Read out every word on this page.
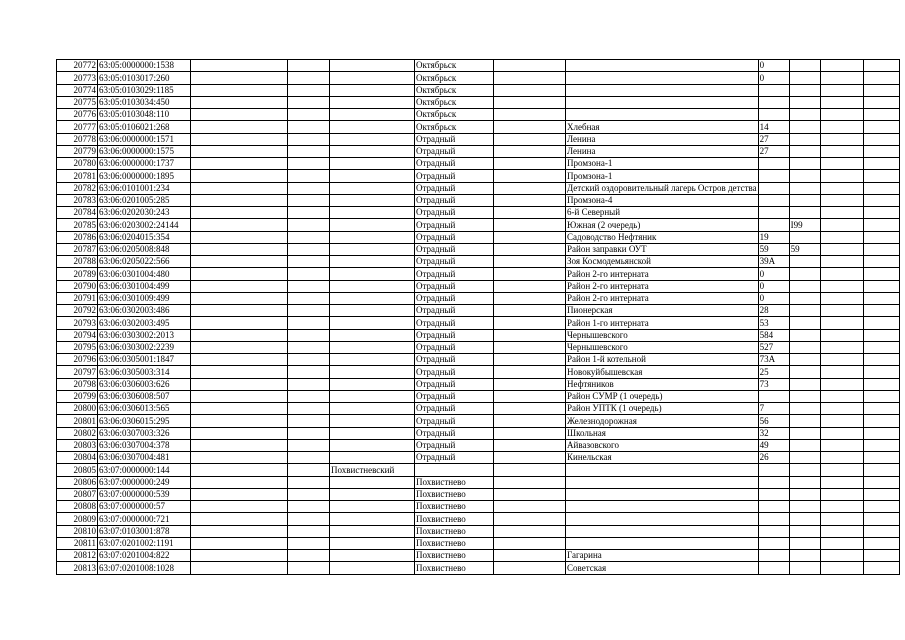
20772	63:05:0000000:1538				Октябрьск			0			
20773	63:05:0103017:260				Октябрьск			0			
20774	63:05:0103029:1185				Октябрьск						
20775	63:05:0103034:450				Октябрьск						
20776	63:05:0103048:110				Октябрьск						
20777	63:05:0106021:268				Октябрьск		Хлебная	14			
20778	63:06:0000000:1571				Отрадный		Ленина	27			
20779	63:06:0000000:1575				Отрадный		Ленина	27			
20780	63:06:0000000:1737				Отрадный		Промзона-1				
20781	63:06:0000000:1895				Отрадный		Промзона-1				
20782	63:06:0101001:234				Отрадный		Детский оздоровительный лагерь Остров детства				
20783	63:06:0201005:285				Отрадный		Промзона-4				
20784	63:06:0202030:243				Отрадный		6-й Северный				
20785	63:06:0203002:24144				Отрадный		Южная (2 очередь)		I99		
20786	63:06:0204015:354				Отрадный		Садоводство Нефтяник	19			
20787	63:06:0205008:848				Отрадный		Район заправки ОУТ	59	59		
20788	63:06:0205022:566				Отрадный		Зоя Космодемьянской	39А			
20789	63:06:0301004:480				Отрадный		Район 2-го интерната	0			
20790	63:06:0301004:499				Отрадный		Район 2-го интерната	0			
20791	63:06:0301009:499				Отрадный		Район 2-го интерната	0			
20792	63:06:0302003:486				Отрадный		Пионерская	28			
20793	63:06:0302003:495				Отрадный		Район 1-го интерната	53			
20794	63:06:0303002:2013				Отрадный		Чернышевского	584			
20795	63:06:0303002:2239				Отрадный		Чернышевского	527			
20796	63:06:0305001:1847				Отрадный		Район 1-й котельной	73А			
20797	63:06:0305003:314				Отрадный		Новокуйбышевская	25			
20798	63:06:0306003:626				Отрадный		Нефтяников	73			
20799	63:06:0306008:507				Отрадный		Район СУМР (1 очередь)				
20800	63:06:0306013:565				Отрадный		Район УПТК (1 очередь)	7			
20801	63:06:0306015:295				Отрадный		Железнодорожная	56			
20802	63:06:0307003:326				Отрадный		Школьная	32			
20803	63:06:0307004:378				Отрадный		Айвазовского	49			
20804	63:06:0307004:481				Отрадный		Кинельская	26			
20805	63:07:0000000:144			Похвистневский							
20806	63:07:0000000:249				Похвистнево						
20807	63:07:0000000:539				Похвистнево						
20808	63:07:0000000:57				Похвистнево						
20809	63:07:0000000:721				Похвистнево						
20810	63:07:0103001:878				Похвистнево						
20811	63:07:0201002:1191				Похвистнево						
20812	63:07:0201004:822				Похвистнево		Гагарина				
20813	63:07:0201008:1028				Похвистнево		Советская				
